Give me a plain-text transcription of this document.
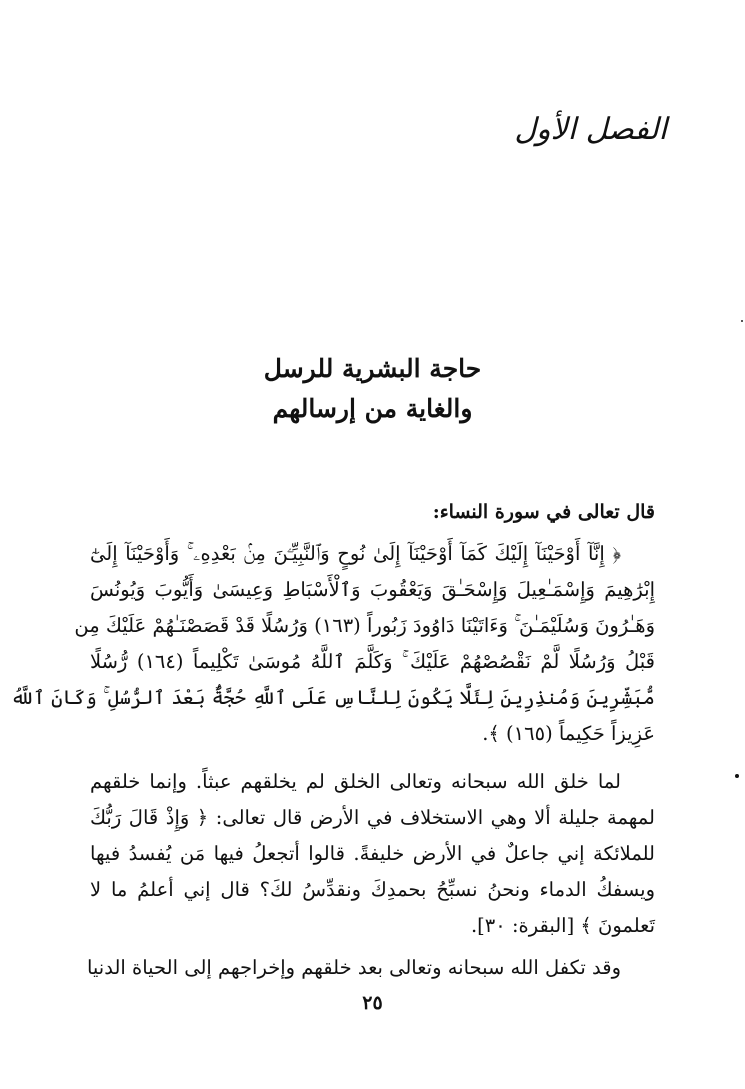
الفصل الأول
حاجة البشرية للرسل
والغاية من إرسالهم
قال تعالى في سورة النساء:
﴿ إِنَّآ أَوْحَيْنَآ إِلَيْكَ كَمَآ أَوْحَيْنَآ إِلَىٰ نُوحٍ وَٱلنَّبِيِّـۧنَ مِنۢ بَعْدِهِۦ ۚ وَأَوْحَيْنَآ إِلَىٰٓ
إِبْرَٰهِيمَ وَإِسْمَـٰعِيلَ وَإِسْحَـٰقَ وَيَعْقُوبَ وَٱلْأَسْبَاطِ وَعِيسَىٰ وَأَيُّوبَ وَيُونُسَ
وَهَـٰرُونَ وَسُلَيْمَـٰنَ ۚ وَءَاتَيْنَا دَاوُودَ زَبُوراً (١٦٣) وَرُسُلًا قَدْ قَصَصْنَـٰهُمْ عَلَيْكَ مِن
قَبْلُ وَرُسُلًا لَّمْ نَقْصُصْهُمْ عَلَيْكَ ۚ وَكَلَّمَ ٱللَّهُ مُوسَىٰ تَكْلِيماً (١٦٤) رُّسُلًا
مُّبَشِّرِينَ وَمُنذِرِينَ لِئَلَّا يَكُونَ لِلنَّاسِ عَلَى ٱللَّهِ حُجَّةٌۢ بَعْدَ ٱلرُّسُلِ ۚ وَكَانَ ٱللَّهُ
عَزِيزاً حَكِيماً (١٦٥) ﴾.
لما خلق الله سبحانه وتعالى الخلق لم يخلقهم عبثاً. وإنما خلقهم
لمهمة جليلة ألا وهي الاستخلاف في الأرض قال تعالى: ﴿ وَإِذْ قَالَ رَبُّكَ
للملائكة إني جاعلٌ في الأرض خليفةً. قالوا أتجعلُ فيها مَن يُفسدُ فيها
ويسفكُ الدماء ونحنُ نسبِّحُ بحمدِكَ ونقدِّسُ لكَ؟ قال إني أعلمُ ما لا
تَعلمونَ ﴾ [البقرة: ٣٠].
وقد تكفل الله سبحانه وتعالى بعد خلقهم وإخراجهم إلى الحياة الدنيا
٢٥
